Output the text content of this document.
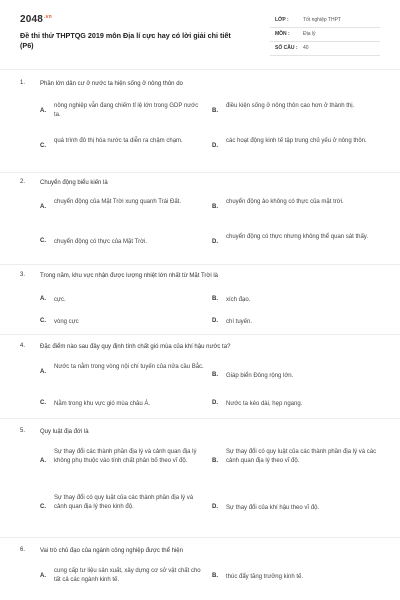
$2048^{.vn}$
Đề thi thử THPTQG 2019 môn Địa lí cực hay có lời giải chi tiết (P6)
LỚP :	Tốt nghiệp THPT
MÔN :	Địa lý
SỐ CÂU : 40
1. Phần lớn dân cư ở nước ta hiện sống ở nông thôn do
A.
nông nghiệp vẫn đang chiếm tỉ lệ lớn trong GDP nước ta.
B.
điều kiện sống ở nông thôn cao hơn ở thành thị.
C.
quá trình đô thị hóa nước ta diễn ra chậm chạm.
D.
các hoạt động kinh tế tập trung chủ yếu ở nông thôn.
2. Chuyển động biểu kiến là
A.
chuyển động của Mặt Trời xung quanh Trái Đất.
B.
chuyển động ảo không có thực của mặt trời.
C. chuyển động có thực của Mặt Trời.	D.
chuyển động có thực nhưng không thể quan sát thấy.
3. Trong năm, khu vực nhận được lượng nhiệt lớn nhất từ Mặt Trời là
A. cực.	B. xích đạo.
C. vòng cực	D. chí tuyến.
4. Đặc điểm nào sau đây quy định tính chất gió mùa của khí hậu nước ta?
A.
Nước ta nằm trong vòng nội chí tuyến của nửa cầu Bắc.
B. Giáp biển Đông rộng lớn.
C. Nằm trong khu vực gió mùa châu Á.	D. Nước ta kéo dài, hẹp ngang.
5. Quy luật địa đới là
A.
Sự thay đổi các thành phần địa lý và cảnh quan địa lý không phụ thuộc vào tính chất phân bố theo vĩ độ.	B.
Sự thay đổi có quy luật của các thành phần địa lý và các cảnh quan địa lý theo vĩ độ.
C.
Sự thay đổi có quy luật của các thành phần địa lý và cảnh quan địa lý theo kinh độ.	D. Sự thay đổi của khí hậu theo vĩ độ.
6. Vai trò chủ đạo của ngành công nghiệp được thể hiện
A.
cung cấp tư liệu sản xuất, xây dựng cơ sở vật chất cho tất cả các ngành kinh tế.
B. thúc đẩy tăng trưởng kinh tế.
